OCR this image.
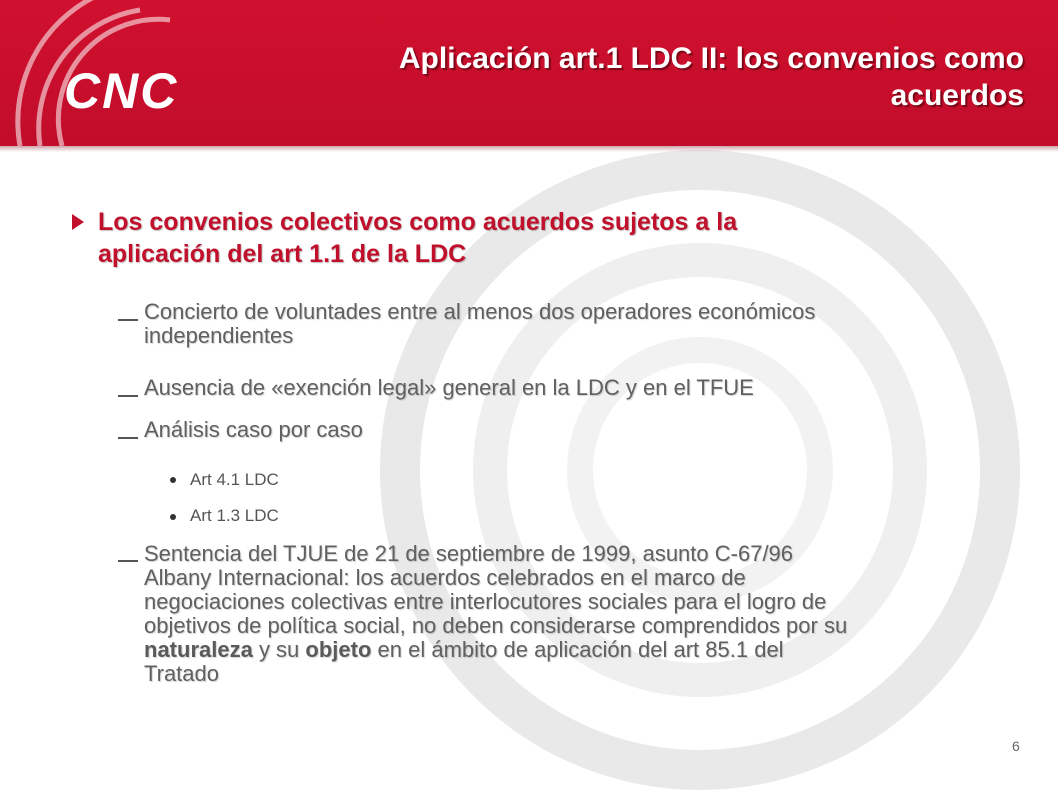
CNC
Aplicación art.1 LDC II: los convenios como
acuerdos
Los convenios colectivos como acuerdos sujetos a la
aplicación del art 1.1 de la LDC
Concierto de voluntades entre al menos dos operadores económicos
independientes
Ausencia de «exención legal» general en la LDC y en el TFUE
Análisis caso por caso
Art 4.1 LDC
Art 1.3 LDC
Sentencia del TJUE de 21 de septiembre de 1999, asunto C-67/96
Albany Internacional: los acuerdos celebrados en el marco de
negociaciones colectivas entre interlocutores sociales para el logro de
objetivos de política social, no deben considerarse comprendidos por su
naturaleza y su objeto en el ámbito de aplicación del art 85.1 del
Tratado
6
